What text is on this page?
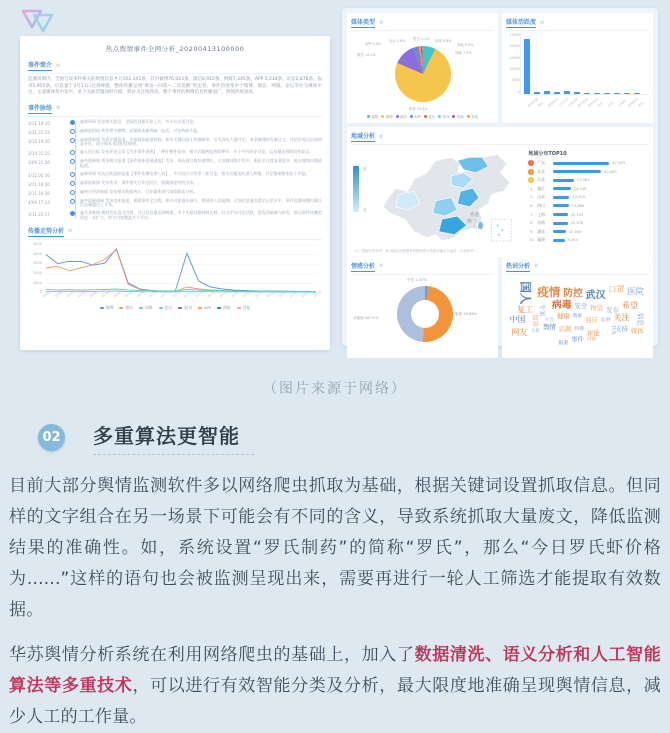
热点舆情事件全网分析_20200413100000
事件简介 ⚙
监测周期内，全网与该事件相关的舆情信息共计102,345条，其中微博76,023条、微信8,912条、网媒7,345条、APP 5,234条、论坛2,876条、报刊1,955条。信息量于3月11日达到峰值，整体传播呈现“爆发—回落—二次发酵”的走势，事件热度集中于微博、微信、网媒、论坛等社交媒体平台，主流媒体集中发声，多个关联话题同时在榜，舆论关注度较高，整个事件的舆情信息传播面广，舆情热度较高。
事件脉络 ⚙
3/11 18:16	@财经网 发布相关消息，全网信息量开始上升，多平台出现讨论。
3/11 21:23	@新浪科技 转发相关微博，话题阅读量突破一亿次，讨论持续升温。
3/10 19:26	@澎湃新闻 发布专题报道，多家媒体跟进转载，相关关键词登上热搜榜单，引发网友大量讨论，单条微博转发量过万，评论区观点出现明显分化，部分网友表达担忧情绪。
3/10 21:25	@人民日报 发布评论文章【关注事件进展】，呼吁理性看待，相关话题热度持续攀升，多个平台同步讨论，信息量达到阶段性高点。
3/09 21:26	@央视新闻 两条相关报道【事件最新进展通报】发布，网友留言数快速增长，主流媒体集中发声，舆论关注度显著提升，地方媒体亦跟进报道。
4/11 05:16	@新华网 发布后续追踪报道【事件处理结果公布】，多方回应引发第二轮讨论，相关话题再次进入热搜，讨论情绪整体趋于平稳。
3/11 16:26	@界面新闻 发布快讯：事件相关方作出回应，舆情热度有所回落。
3/11 16:39	@每日经济新闻 发布相关数据统计，行业媒体进行深度解读分析。
4/09 17:13	@中国新闻网 发布综述报道，梳理事件全过程，相关讨论逐步减少，舆情进入消退期，全网信息量回落至日常水平，事件监测周期内累计信息量超过十万条。
3/11 22:17	@头条新闻 晚间发布盘点内容，当日信息量达到峰值，多个关联话题同时在榜，社交平台讨论活跃，意见领袖参与转发，推动事件传播范围进一步扩大，相关内容覆盖多个平台。
传播走势分析 ⚙
5000
4000
3000
2000
1000
0 03-01 03-02 03-03 03-04 03-05 03-06 03-07 03-08 03-09 03-10 03-11 03-12 03-13 03-14 03-15 03-16 03-17 03-18 03-19 03-20 03-21 03-22 03-23 03-24
微博	微信	网媒	论坛	报刊	APP	视频	其他
媒体类型 ⚙
网媒 7.2%
微博 74.3%
微信 12.1%
APP 2.4%
论坛 1.6% 报刊 1.1% 视频 0.8%
其他 0.5%
网媒 微博 微信 APP 论坛 报刊 视频 其他
媒体活跃度 ⚙
25000
20000
15000
10000
5000
0
新浪微博
微信 网易新闻
今日头条
百度贴吧
腾讯新闻
搜狐新闻
知乎 抖音 凤凰网 澎湃新闻
其他
地域分析 ⚙
高
低
香港
澳门
台湾
地域分布TOP10
1	广东	47,003
2	北京	40,009
3	江苏	17,063
4	浙江	14,549
5	山东	13,445
6	四川	12,884
7	上海	12,135
8	河南	12,078
9	湖北	10,354
10 福建	9,403
以上数据仅供参考，部分地区因数据来源限制统计结果可能存在偏差（仅供参考）。
情感分析 ⚙
中性 1.43%
敏感 49.86%
非敏感 48.71%
热词分析 ⚙
国人 疫情 防控 武汉
口罩 医院
复工 专家 病毒 安全 物资 发布 希望
中国 加油 平台
健康 数据 回应 监测 关注 信息
网友 分析
舆情 话题 热搜 评论	转发 支持 媒体
报道
事件 讨论
（图片来源于网络）
02 多重算法更智能

目前大部分舆情监测软件多以网络爬虫抓取为基础，根据关键词设置抓取信息。但同样的文字组合在另一场景下可能会有不同的含义，导致系统抓取大量废文，降低监测结果的准确性。如，系统设置“罗氏制药”的简称“罗氏”，那么“今日罗氏虾价格为......”这样的语句也会被监测呈现出来，需要再进行一轮人工筛选才能提取有效数据。

华苏舆情分析系统在利用网络爬虫的基础上，加入了数据清洗、语义分析和人工智能算法等多重技术，可以进行有效智能分类及分析，最大限度地准确呈现舆情信息，减少人工的工作量。
